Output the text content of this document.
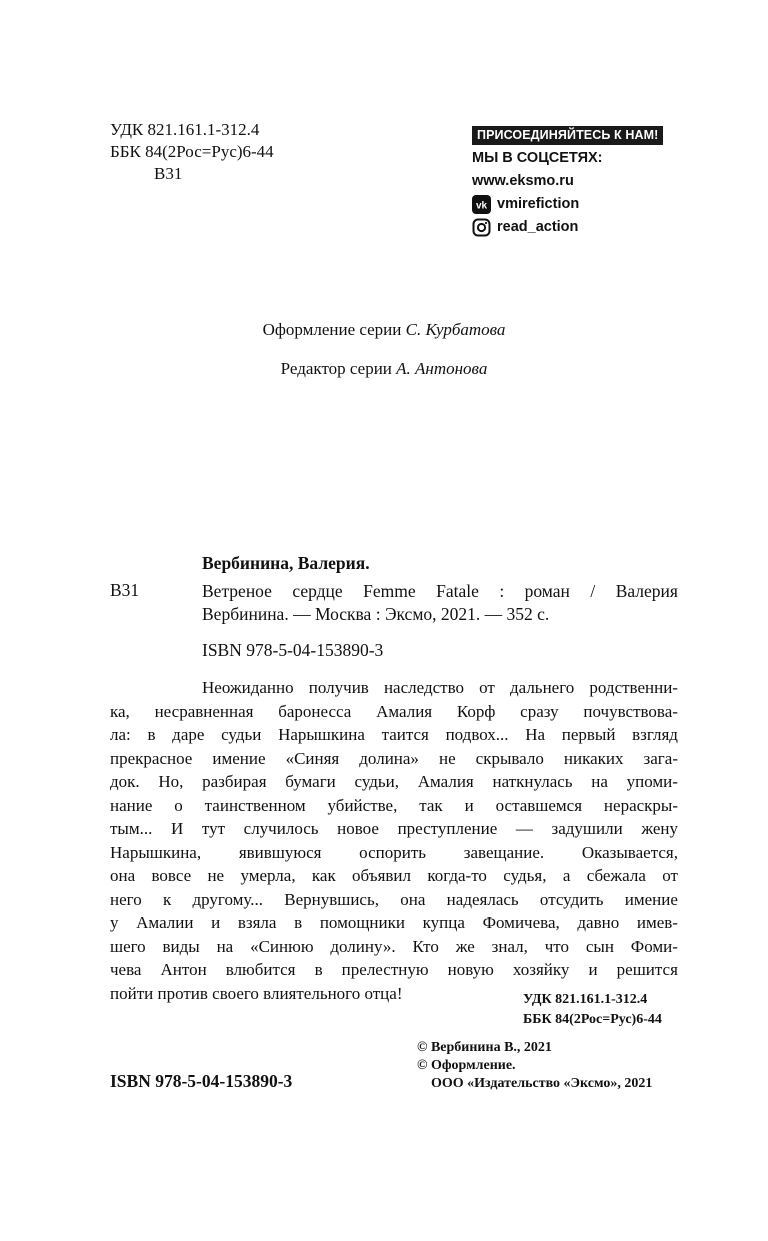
УДК 821.161.1-312.4
ББК 84(2Рос=Рус)6-44
В31
ПРИСОЕДИНЯЙТЕСЬ К НАМ!
МЫ В СОЦСЕТЯХ:
www.eksmo.ru
vk vmirefiction
read_action
Оформление серии С. Курбатова
Редактор серии А. Антонова
Вербинина, Валерия.
В31	Ветреное сердце Femme Fatale : роман / Валерия
Вербинина. — Москва : Эксмо, 2021. — 352 с.
ISBN 978-5-04-153890-3
Неожиданно получив наследство от дальнего родственни-
ка, несравненная баронесса Амалия Корф сразу почувствова-
ла: в даре судьи Нарышкина таится подвох... На первый взгляд
прекрасное имение «Синяя долина» не скрывало никаких зага-
док. Но, разбирая бумаги судьи, Амалия наткнулась на упоми-
нание о таинственном убийстве, так и оставшемся нераскры-
тым... И тут случилось новое преступление — задушили жену
Нарышкина, явившуюся оспорить завещание. Оказывается,
она вовсе не умерла, как объявил когда-то судья, а сбежала от
него к другому... Вернувшись, она надеялась отсудить имение
у Амалии и взяла в помощники купца Фомичева, давно имев-
шего виды на «Синюю долину». Кто же знал, что сын Фоми-
чева Антон влюбится в прелестную новую хозяйку и решится
пойти против своего влиятельного отца!	УДК 821.161.1-312.4
ББК 84(2Рос=Рус)6-44
© Вербинина В., 2021
© Оформление.
ООО «Издательство «Эксмо», 2021
ISBN 978-5-04-153890-3
